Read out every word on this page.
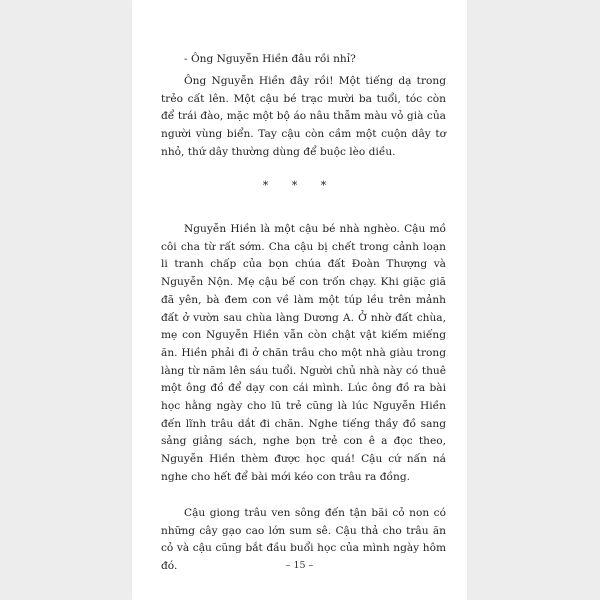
- Ông Nguyễn Hiền đâu rồi nhỉ?

Ông Nguyễn Hiền đây rồi! Một tiếng dạ trong trẻo cất lên. Một cậu bé trạc mười ba tuổi, tóc còn để trái đào, mặc một bộ áo nâu thẫm màu vỏ già của người vùng biển. Tay cậu còn cầm một cuộn dây tơ nhỏ, thứ dây thường dùng để buộc lèo diều.

* * *

Nguyễn Hiền là một cậu bé nhà nghèo. Cậu mồ côi cha từ rất sớm. Cha cậu bị chết trong cảnh loạn li tranh chấp của bọn chúa đất Đoàn Thượng và Nguyễn Nộn. Mẹ cậu bế con trốn chạy. Khi giặc giã đã yên, bà đem con về làm một túp lều trên mảnh đất ở vườn sau chùa làng Dương A. Ở nhờ đất chùa, mẹ con Nguyễn Hiền vẫn còn chật vật kiếm miếng ăn. Hiền phải đi ở chăn trâu cho một nhà giàu trong làng từ năm lên sáu tuổi. Người chủ nhà này có thuê một ông đồ để dạy con cái mình. Lúc ông đồ ra bài học hằng ngày cho lũ trẻ cũng là lúc Nguyễn Hiền đến lĩnh trâu dắt đi chăn. Nghe tiếng thầy đồ sang sảng giảng sách, nghe bọn trẻ con ê a đọc theo, Nguyễn Hiền thèm được học quá! Cậu cứ nấn ná nghe cho hết để bài mới kéo con trâu ra đồng.

Cậu giong trâu ven sông đến tận bãi cỏ non có những cây gạo cao lớn sum sê. Cậu thả cho trâu ăn cỏ và cậu cũng bắt đầu buổi học của mình ngày hôm đó.	– 15 –
